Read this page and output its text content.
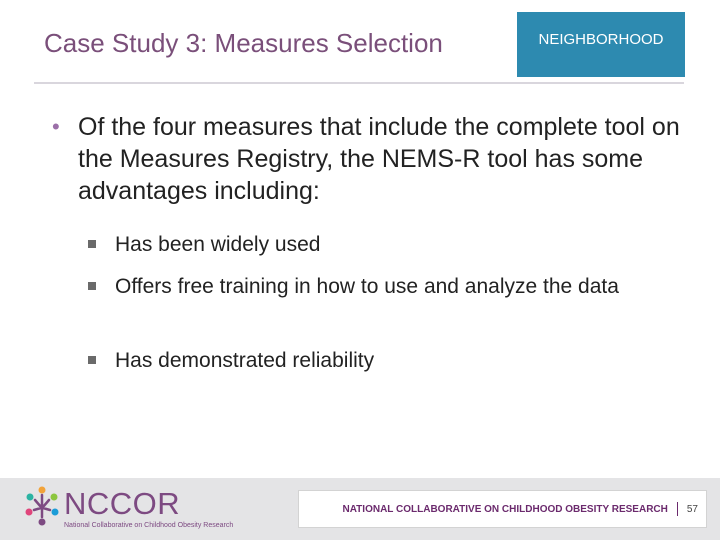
Case Study 3: Measures Selection	NEIGHBORHOOD
• Of the four measures that include the complete tool on the Measures Registry, the NEMS-R tool has some advantages including:
Has been widely used
Offers free training in how to use and analyze the data
Has demonstrated reliability
NCCOR
National Collaborative on Childhood Obesity Research
NATIONAL COLLABORATIVE ON CHILDHOOD OBESITY RESEARCH 57
